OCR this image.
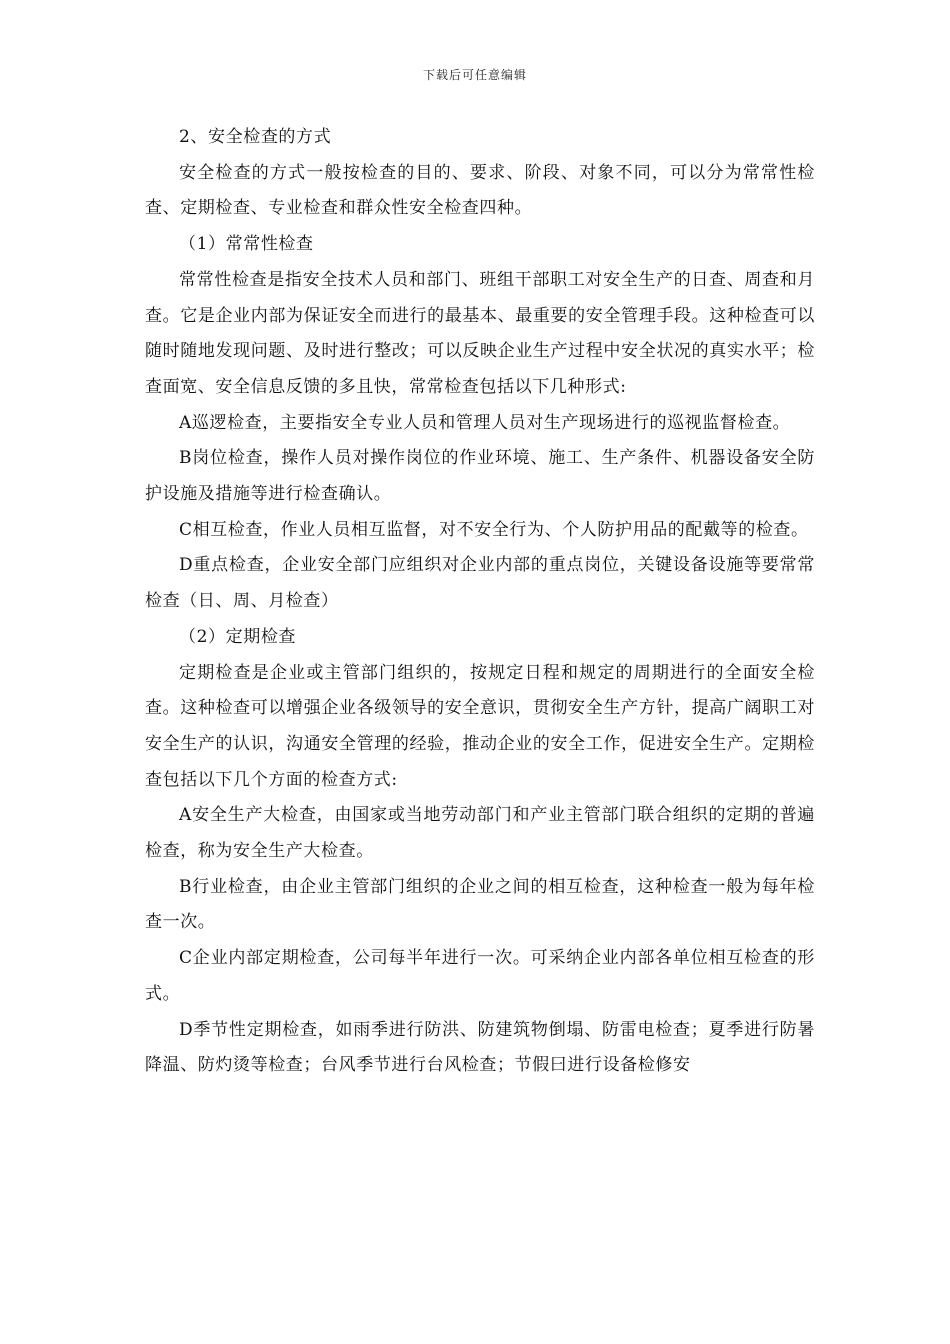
下载后可任意编辑

2、安全检查的方式

安全检查的方式一般按检查的目的、要求、阶段、对象不同，可以分为常常性检查、定期检查、专业检查和群众性安全检查四种。

（1）常常性检查

常常性检查是指安全技术人员和部门、班组干部职工对安全生产的日查、周查和月查。它是企业内部为保证安全而进行的最基本、最重要的安全管理手段。这种检查可以随时随地发现问题、及时进行整改；可以反映企业生产过程中安全状况的真实水平；检查面宽、安全信息反馈的多且快，常常检查包括以下几种形式:

A巡逻检查，主要指安全专业人员和管理人员对生产现场进行的巡视监督检查。

B岗位检查，操作人员对操作岗位的作业环境、施工、生产条件、机器设备安全防护设施及措施等进行检查确认。

C相互检查，作业人员相互监督，对不安全行为、个人防护用品的配戴等的检查。

D重点检查，企业安全部门应组织对企业内部的重点岗位，关键设备设施等要常常检查（日、周、月检查）

（2）定期检查

定期检查是企业或主管部门组织的，按规定日程和规定的周期进行的全面安全检查。这种检查可以增强企业各级领导的安全意识，贯彻安全生产方针，提高广阔职工对安全生产的认识，沟通安全管理的经验，推动企业的安全工作，促进安全生产。定期检查包括以下几个方面的检查方式:

A安全生产大检查，由国家或当地劳动部门和产业主管部门联合组织的定期的普遍检查，称为安全生产大检查。

B行业检查，由企业主管部门组织的企业之间的相互检查，这种检查一般为每年检查一次。

C企业内部定期检查，公司每半年进行一次。可采纳企业内部各单位相互检查的形式。

D季节性定期检查，如雨季进行防洪、防建筑物倒塌、防雷电检查；夏季进行防暑降温、防灼烫等检查；台风季节进行台风检查；节假曰进行设备检修安
